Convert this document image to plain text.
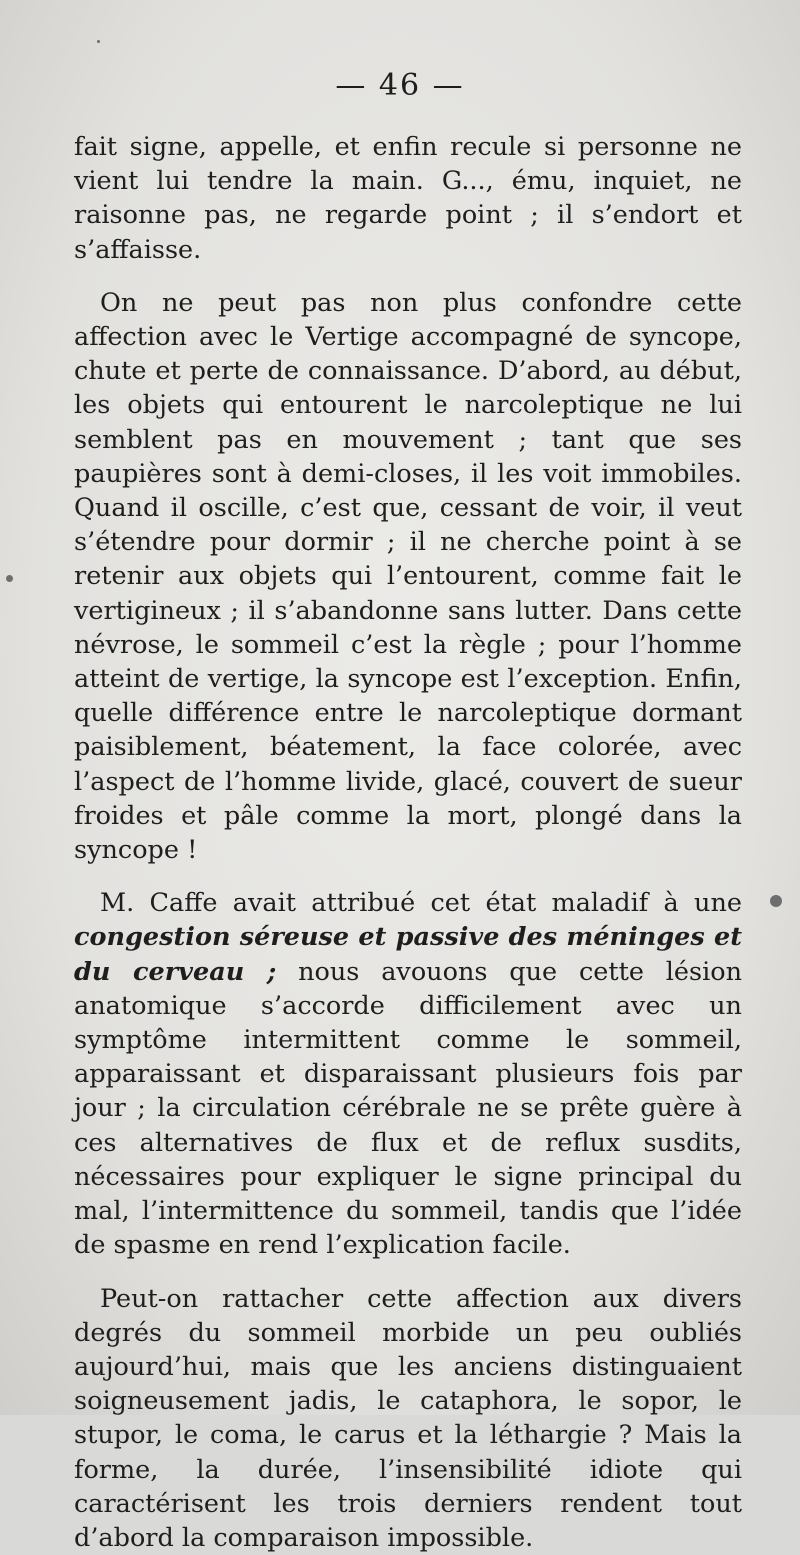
— 46 —

fait signe, appelle, et enfin recule si personne ne vient lui tendre la main. G..., ému, inquiet, ne raisonne pas, ne regarde point ; il s’endort et s’affaisse.

On ne peut pas non plus confondre cette affection avec le Vertige accompagné de syncope, chute et perte de connaissance. D’abord, au début, les objets qui entourent le narcoleptique ne lui semblent pas en mouvement ; tant que ses paupières sont à demi-closes, il les voit immobiles. Quand il oscille, c’est que, cessant de voir, il veut s’étendre pour dormir ; il ne cherche point à se retenir aux objets qui l’entourent, comme fait le vertigineux ; il s’abandonne sans lutter. Dans cette névrose, le sommeil c’est la règle ; pour l’homme atteint de vertige, la syncope est l’exception. Enfin, quelle différence entre le narcoleptique dormant paisiblement, béatement, la face colorée, avec l’aspect de l’homme livide, glacé, couvert de sueur froides et pâle comme la mort, plongé dans la syncope !

M. Caffe avait attribué cet état maladif à une congestion séreuse et passive des méninges et du cerveau ; nous avouons que cette lésion anatomique s’accorde difficilement avec un symptôme intermittent comme le sommeil, apparaissant et disparaissant plusieurs fois par jour ; la circulation cérébrale ne se prête guère à ces alternatives de flux et de reflux susdits, nécessaires pour expliquer le signe principal du mal, l’intermittence du sommeil, tandis que l’idée de spasme en rend l’explication facile.

Peut-on rattacher cette affection aux divers degrés du sommeil morbide un peu oubliés aujourd’hui, mais que les anciens distinguaient soigneusement jadis, le cataphora, le sopor, le stupor, le coma, le carus et la léthargie ? Mais la forme, la durée, l’insensibilité idiote qui caractérisent les trois derniers rendent tout d’abord la comparaison impossible.
